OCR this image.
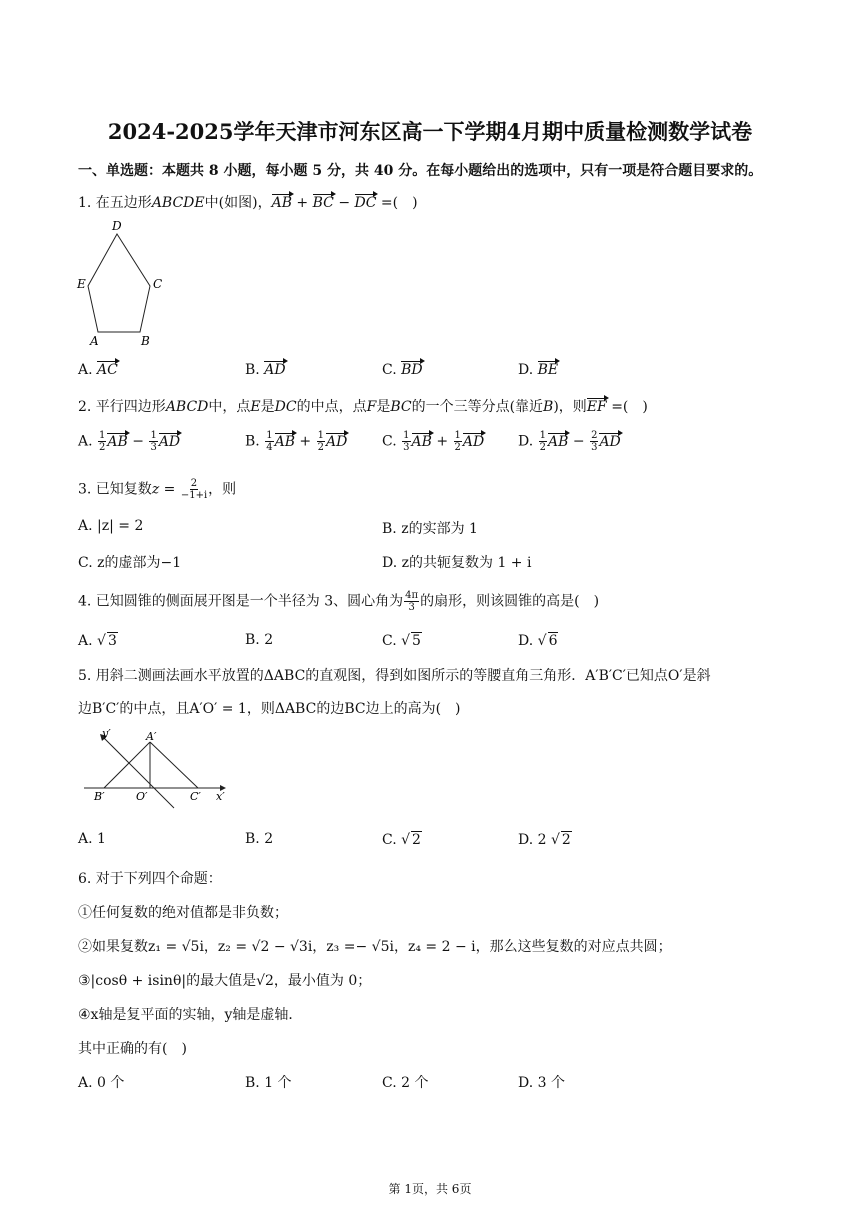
2024-2025学年天津市河东区高一下学期4月期中质量检测数学试卷
一、单选题：本题共 8 小题，每小题 5 分，共 40 分。在每小题给出的选项中，只有一项是符合题目要求的。
1. 在五边形ABCDE中(如图)，AB + BC − DC =(　)
D
E	C
A	B
A. AC	B. AD	C. BD	D. BE
2. 平行四边形ABCD中，点E是DC的中点，点F是BC的一个三等分点(靠近B)，则EF =(　)
A. $\frac{1}{2}$ AB − $\frac{1}{3}$ AD	B. $\frac{1}{4}$ AB + $\frac{1}{2}$ AD C. $\frac{1}{3}$ AB + $\frac{1}{2}$ AD D. $\frac{1}{2}$ AB − $\frac{2}{3}$ AD
3. 已知复数$z = \frac{2}{-1+i}$ ，则
A. |z| = 2	B. z的实部为 1
C. z的虚部为−1	D. z的共轭复数为 1 + i
4. 已知圆锥的侧面展开图是一个半径为 3、圆心角为 $\frac{4\pi}{3}$ 的扇形，则该圆锥的高是(　)
A. √ 3	B. 2	C. √ 5	D. √ 6
5. 用斜二测画法画水平放置的ΔABC的直观图，得到如图所示的等腰直角三角形．A′B′C′已知点O′是斜
边B′C′的中点，且A′O′ = 1，则ΔABC的边BC边上的高为(　)
y′	A′
B′	O′	C′ x′
A. 1	B. 2	C. √ 2	D. 2 √ 2
6. 对于下列四个命题：
①任何复数的绝对值都是非负数；
②如果复数z₁ = √5i，z₂ = √2 − √3i，z₃ =− √5i，z₄ = 2 − i，那么这些复数的对应点共圆；
③|cosθ + isinθ|的最大值是√2，最小值为 0；
④x轴是复平面的实轴，y轴是虚轴．
其中正确的有(　)
A. 0 个	B. 1 个	C. 2 个	D. 3 个
第 1页，共 6页
